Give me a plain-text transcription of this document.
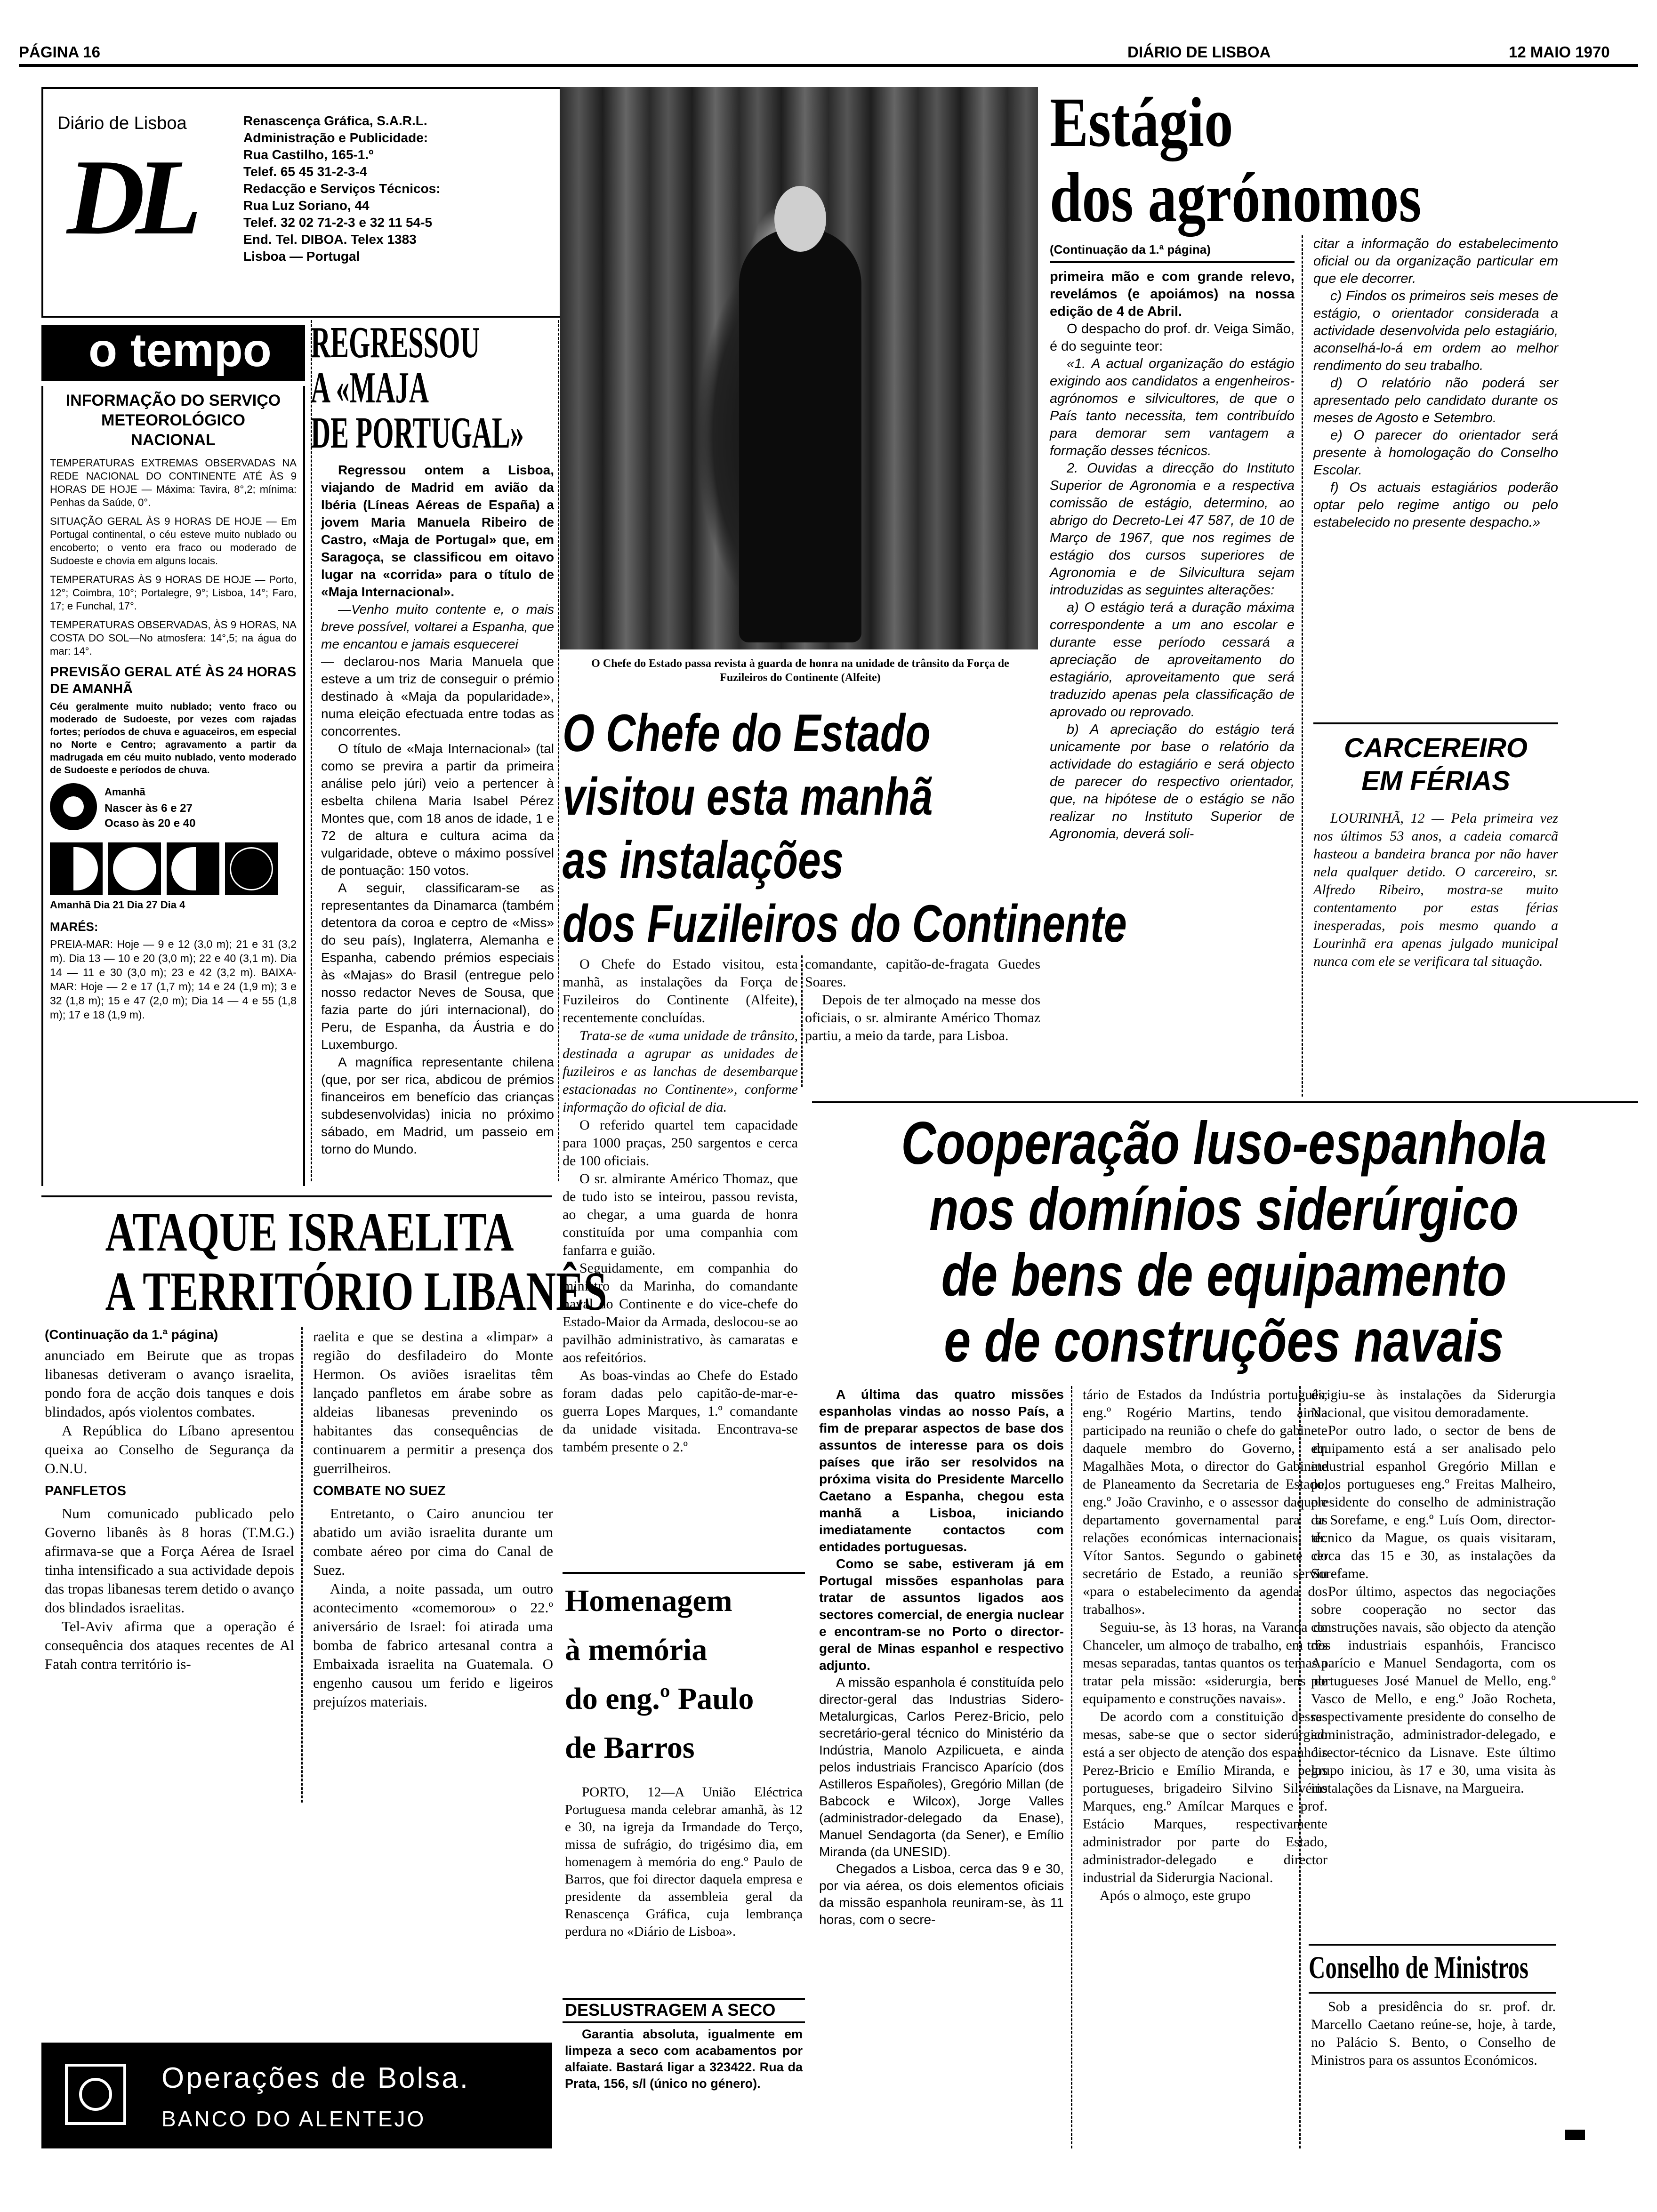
PÁGINA 16	DIÁRIO DE LISBOA	12 MAIO 1970
Diário de Lisboa
DL
Renascença Gráfica, S.A.R.L.
Administração e Publicidade:
Rua Castilho, 165-1.º
Telef. 65 45 31-2-3-4
Redacção e Serviços Técnicos:
Rua Luz Soriano, 44
Telef. 32 02 71-2-3 e 32 11 54-5
End. Tel. DIBOA. Telex 1383
Lisboa — Portugal
o tempo
INFORMAÇÃO DO SERVIÇO METEOROLÓGICO NACIONAL

TEMPERATURAS EXTREMAS OBSERVADAS NA REDE NACIONAL DO CONTINENTE ATÉ ÀS 9 HORAS DE HOJE — Máxima: Tavira, 8°,2; mínima: Penhas da Saúde, 0°.

SITUAÇÃO GERAL ÀS 9 HORAS DE HOJE — Em Portugal continental, o céu esteve muito nublado ou encoberto; o vento era fraco ou moderado de Sudoeste e chovia em alguns locais.

TEMPERATURAS ÀS 9 HORAS DE HOJE — Porto, 12°; Coimbra, 10°; Portalegre, 9°; Lisboa, 14°; Faro, 17; e Funchal, 17°.

TEMPERATURAS OBSERVADAS, ÀS 9 HORAS, NA COSTA DO SOL—No atmosfera: 14°,5; na água do mar: 14°.

PREVISÃO GERAL ATÉ ÀS 24 HORAS DE AMANHÃ
Céu geralmente muito nublado; vento fraco ou moderado de Sudoeste, por vezes com rajadas fortes; períodos de chuva e aguaceiros, em especial no Norte e Centro; agravamento a partir da madrugada em céu muito nublado, vento moderado de Sudoeste e períodos de chuva.
Amanhã
Nascer às 6 e 27
Ocaso às 20 e 40
Amanhã Dia 21 Dia 27 Dia 4
MARÉS:
PREIA-MAR: Hoje — 9 e 12 (3,0 m); 21 e 31 (3,2 m). Dia 13 — 10 e 20 (3,0 m); 22 e 40 (3,1 m). Dia 14 — 11 e 30 (3,0 m); 23 e 42 (3,2 m). BAIXA-MAR: Hoje — 2 e 17 (1,7 m); 14 e 24 (1,9 m); 3 e 32 (1,8 m); 15 e 47 (2,0 m); Dia 14 — 4 e 55 (1,8 m); 17 e 18 (1,9 m).
REGRESSOU
A «MAJA
DE PORTUGAL»

Regressou ontem a Lisboa, viajando de Madrid em avião da Ibéria (Líneas Aéreas de España) a jovem Maria Manuela Ribeiro de Castro, «Maja de Portugal» que, em Saragoça, se classificou em oitavo lugar na «corrida» para o título de «Maja Internacional».

—Venho muito contente e, o mais breve possível, voltarei a Espanha, que me encantou e jamais esquecerei

— declarou-nos Maria Manuela que esteve a um triz de conseguir o prémio destinado à «Maja da popularidade», numa eleição efectuada entre todas as concorrentes.

O título de «Maja Internacional» (tal como se previra a partir da primeira análise pelo júri) veio a pertencer à esbelta chilena Maria Isabel Pérez Montes que, com 18 anos de idade, 1 e 72 de altura e cultura acima da vulgaridade, obteve o máximo possível de pontuação: 150 votos.

A seguir, classificaram-se as representantes da Dinamarca (também detentora da coroa e ceptro de «Miss» do seu país), Inglaterra, Alemanha e Espanha, cabendo prémios especiais às «Majas» do Brasil (entregue pelo nosso redactor Neves de Sousa, que fazia parte do júri internacional), do Peru, de Espanha, da Áustria e do Luxemburgo.

A magnífica representante chilena (que, por ser rica, abdicou de prémios financeiros em benefício das crianças subdesenvolvidas) inicia no próximo sábado, em Madrid, um passeio em torno do Mundo.

O Chefe do Estado passa revista à guarda de honra na unidade de trânsito da Força de Fuzileiros do Continente (Alfeite)
O Chefe do Estado
visitou esta manhã
as instalações
dos Fuzileiros do Continente

O Chefe do Estado visitou, esta manhã, as instalações da Força de Fuzileiros do Continente (Alfeite), recentemente concluídas.

Trata-se de «uma unidade de trânsito, destinada a agrupar as unidades de fuzileiros e as lanchas de desembarque estacionadas no Continente», conforme informação do oficial de dia.

O referido quartel tem capacidade para 1000 praças, 250 sargentos e cerca de 100 oficiais.

O sr. almirante Américo Thomaz, que de tudo isto se inteirou, passou revista, ao chegar, a uma guarda de honra constituída por uma companhia com fanfarra e guião.

Seguidamente, em companhia do ministro da Marinha, do comandante naval do Continente e do vice-chefe do Estado-Maior da Armada, deslocou-se ao pavilhão administrativo, às camaratas e aos refeitórios.

As boas-vindas ao Chefe do Estado foram dadas pelo capitão-de-mar-e-guerra Lopes Marques, 1.º comandante da unidade visitada. Encontrava-se também presente o 2.º

comandante, capitão-de-fragata Guedes Soares.

Depois de ter almoçado na messe dos oficiais, o sr. almirante Américo Thomaz partiu, a meio da tarde, para Lisboa.

Estágio
dos agrónomos
(Continuação da 1.ª página)

primeira mão e com grande relevo, revelámos (e apoiámos) na nossa edição de 4 de Abril.

O despacho do prof. dr. Veiga Simão, é do seguinte teor:

«1. A actual organização do estágio exigindo aos candidatos a engenheiros-agrónomos e silvicultores, de que o País tanto necessita, tem contribuído para demorar sem vantagem a formação desses técnicos.

2. Ouvidas a direcção do Instituto Superior de Agronomia e a respectiva comissão de estágio, determino, ao abrigo do Decreto-Lei 47 587, de 10 de Março de 1967, que nos regimes de estágio dos cursos superiores de Agronomia e de Silvicultura sejam introduzidas as seguintes alterações:

a) O estágio terá a duração máxima correspondente a um ano escolar e durante esse período cessará a apreciação de aproveitamento do estagiário, aproveitamento que será traduzido apenas pela classificação de aprovado ou reprovado.

b) A apreciação do estágio terá unicamente por base o relatório da actividade do estagiário e será objecto de parecer do respectivo orientador, que, na hipótese de o estágio se não realizar no Instituto Superior de Agronomia, deverá soli-

citar a informação do estabelecimento oficial ou da organização particular em que ele decorrer.

c) Findos os primeiros seis meses de estágio, o orientador considerada a actividade desenvolvida pelo estagiário, aconselhá-lo-á em ordem ao melhor rendimento do seu trabalho.

d) O relatório não poderá ser apresentado pelo candidato durante os meses de Agosto e Setembro.

e) O parecer do orientador será presente à homologação do Conselho Escolar.

f) Os actuais estagiários poderão optar pelo regime antigo ou pelo estabelecido no presente despacho.»

CARCEREIRO
EM FÉRIAS
LOURINHÃ, 12 — Pela primeira vez nos últimos 53 anos, a cadeia comarcã hasteou a bandeira branca por não haver nela qualquer detido. O carcereiro, sr. Alfredo Ribeiro, mostra-se muito contentamento por estas férias inesperadas, pois mesmo quando a Lourinhã era apenas julgado municipal nunca com ele se verificara tal situação.
Cooperação luso-espanhola
nos domínios siderúrgico
de bens de equipamento
e de construções navais

A última das quatro missões espanholas vindas ao nosso País, a fim de preparar aspectos de base dos assuntos de interesse para os dois países que irão ser resolvidos na próxima visita do Presidente Marcello Caetano a Espanha, chegou esta manhã a Lisboa, iniciando imediatamente contactos com entidades portuguesas.

Como se sabe, estiveram já em Portugal missões espanholas para tratar de assuntos ligados aos sectores comercial, de energia nuclear e encontram-se no Porto o director-geral de Minas espanhol e respectivo adjunto.

A missão espanhola é constituída pelo director-geral das Industrias Sidero-Metalurgicas, Carlos Perez-Bricio, pelo secretário-geral técnico do Ministério da Indústria, Manolo Azpilicueta, e ainda pelos industriais Francisco Aparício (dos Astilleros Españoles), Gregório Millan (de Babcock e Wilcox), Jorge Valles (administrador-delegado da Enase), Manuel Sendagorta (da Sener), e Emílio Miranda (da UNESID).

Chegados a Lisboa, cerca das 9 e 30, por via aérea, os dois elementos oficiais da missão espanhola reuniram-se, às 11 horas, com o secre-

tário de Estados da Indústria português, eng.º Rogério Martins, tendo ainda participado na reunião o chefe do gabinete daquele membro do Governo, dr. Magalhães Mota, o director do Gabinete de Planeamento da Secretaria de Estado, eng.º João Cravinho, e o assessor daquele departamento governamental para as relações económicas internacionais, dr. Vítor Santos. Segundo o gabinete do secretário de Estado, a reunião serviu «para o estabelecimento da agenda dos trabalhos».

Seguiu-se, às 13 horas, na Varanda do Chanceler, um almoço de trabalho, em três mesas separadas, tantas quantos os temas a tratar pela missão: «siderurgia, bens de equipamento e construções navais».

De acordo com a constituição dessas mesas, sabe-se que o sector siderúrgico está a ser objecto de atenção dos espanhóis Perez-Bricio e Emílio Miranda, e pelos portugueses, brigadeiro Silvino Silvério Marques, eng.º Amílcar Marques e prof. Estácio Marques, respectivamente administrador por parte do Estado, administrador-delegado e director industrial da Siderurgia Nacional.

Após o almoço, este grupo

dirigiu-se às instalações da Siderurgia Nacional, que visitou demoradamente.

Por outro lado, o sector de bens de equipamento está a ser analisado pelo industrial espanhol Gregório Millan e pelos portugueses eng.º Freitas Malheiro, presidente do conselho de administração da Sorefame, e eng.º Luís Oom, director-técnico da Mague, os quais visitaram, cerca das 15 e 30, as instalações da Sorefame.

Por último, aspectos das negociações sobre cooperação no sector das construções navais, são objecto da atenção dos industriais espanhóis, Francisco Aparício e Manuel Sendagorta, com os portugueses José Manuel de Mello, eng.º Vasco de Mello, e eng.º João Rocheta, respectivamente presidente do conselho de administração, administrador-delegado, e director-técnico da Lisnave. Este último grupo iniciou, às 17 e 30, uma visita às instalações da Lisnave, na Margueira.

Conselho de Ministros
Sob a presidência do sr. prof. dr. Marcello Caetano reúne-se, hoje, à tarde, no Palácio S. Bento, o Conselho de Ministros para os assuntos Económicos.
ATAQUE ISRAELITA
A TERRITÓRIO LIBANÊS
(Continuação da 1.ª página)

anunciado em Beirute que as tropas libanesas detiveram o avanço israelita, pondo fora de acção dois tanques e dois blindados, após violentos combates.

A República do Líbano apresentou queixa ao Conselho de Segurança da O.N.U.

PANFLETOS

Num comunicado publicado pelo Governo libanês às 8 horas (T.M.G.) afirmava-se que a Força Aérea de Israel tinha intensificado a sua actividade depois das tropas libanesas terem detido o avanço dos blindados israelitas.

Tel-Aviv afirma que a operação é consequência dos ataques recentes de Al Fatah contra território is-

raelita e que se destina a «limpar» a região do desfiladeiro do Monte Hermon. Os aviões israelitas têm lançado panfletos em árabe sobre as aldeias libanesas prevenindo os habitantes das consequências de continuarem a permitir a presença dos guerrilheiros.

COMBATE NO SUEZ

Entretanto, o Cairo anunciou ter abatido um avião israelita durante um combate aéreo por cima do Canal de Suez.

Ainda, a noite passada, um outro acontecimento «comemorou» o 22.º aniversário de Israel: foi atirada uma bomba de fabrico artesanal contra a Embaixada israelita na Guatemala. O engenho causou um ferido e ligeiros prejuízos materiais.

Homenagem
à memória
do eng.º Paulo
de Barros
PORTO, 12—A União Eléctrica Portuguesa manda celebrar amanhã, às 12 e 30, na igreja da Irmandade do Terço, missa de sufrágio, do trigésimo dia, em homenagem à memória do eng.º Paulo de Barros, que foi director daquela empresa e presidente da assembleia geral da Renascença Gráfica, cuja lembrança perdura no «Diário de Lisboa».
DESLUSTRAGEM A SECO
Garantia absoluta, igualmente em limpeza a seco com acabamentos por alfaiate. Bastará ligar a 323422. Rua da Prata, 156, s/l (único no género).
Operações de Bolsa.
BANCO DO ALENTEJO
